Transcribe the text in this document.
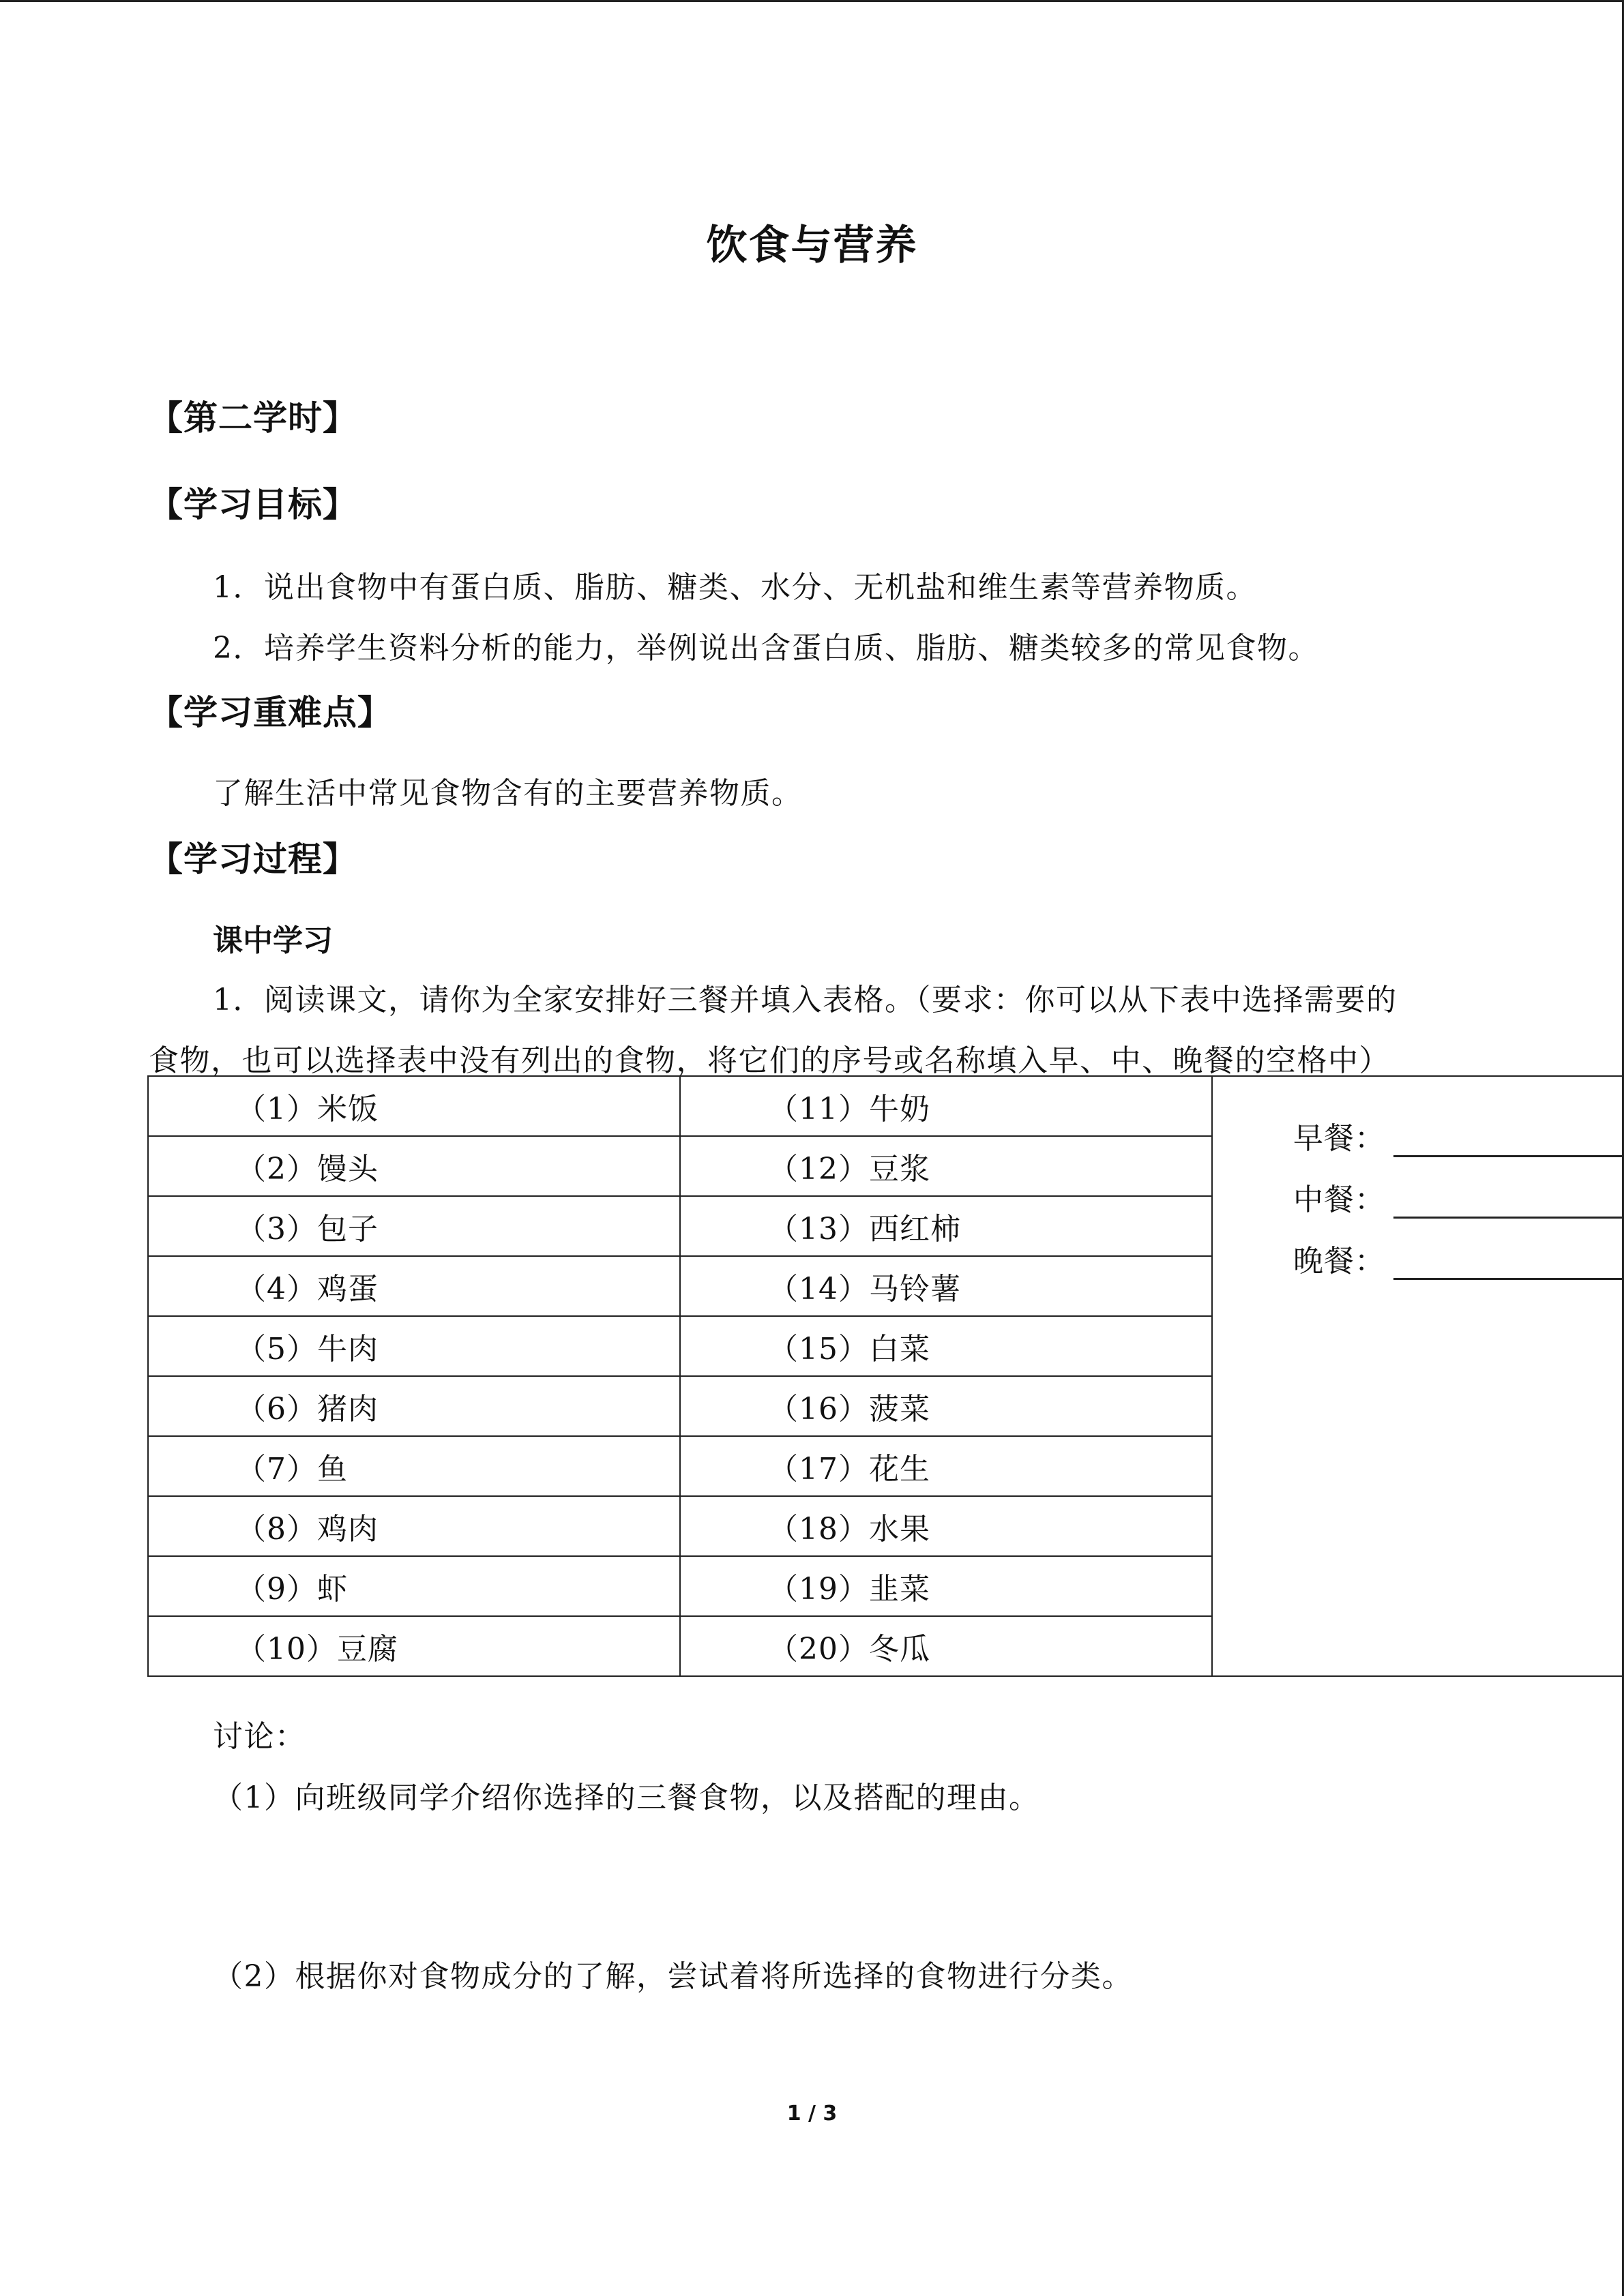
饮食与营养
【第二学时】
【学习目标】
1．说出食物中有蛋白质、脂肪、糖类、水分、无机盐和维生素等营养物质。
2．培养学生资料分析的能力，举例说出含蛋白质、脂肪、糖类较多的常见食物。
【学习重难点】
了解生活中常见食物含有的主要营养物质。
【学习过程】
课中学习
1．阅读课文，请你为全家安排好三餐并填入表格。（要求：你可以从下表中选择需要的
食物，也可以选择表中没有列出的食物，将它们的序号或名称填入早、中、晚餐的空格中）
（1）米饭	（11）牛奶	早餐：
中餐：
晚餐：

（2）馒头	（12）豆浆	
（3）包子	（13）西红柿	
（4）鸡蛋	（14）马铃薯	
（5）牛肉	（15）白菜	
（6）猪肉	（16）菠菜	
（7）鱼	（17）花生	
（8）鸡肉	（18）水果	
（9）虾	（19）韭菜	
（10）豆腐	（20）冬瓜	
讨论：
（1）向班级同学介绍你选择的三餐食物，以及搭配的理由。
（2）根据你对食物成分的了解，尝试着将所选择的食物进行分类。
1 / 3
